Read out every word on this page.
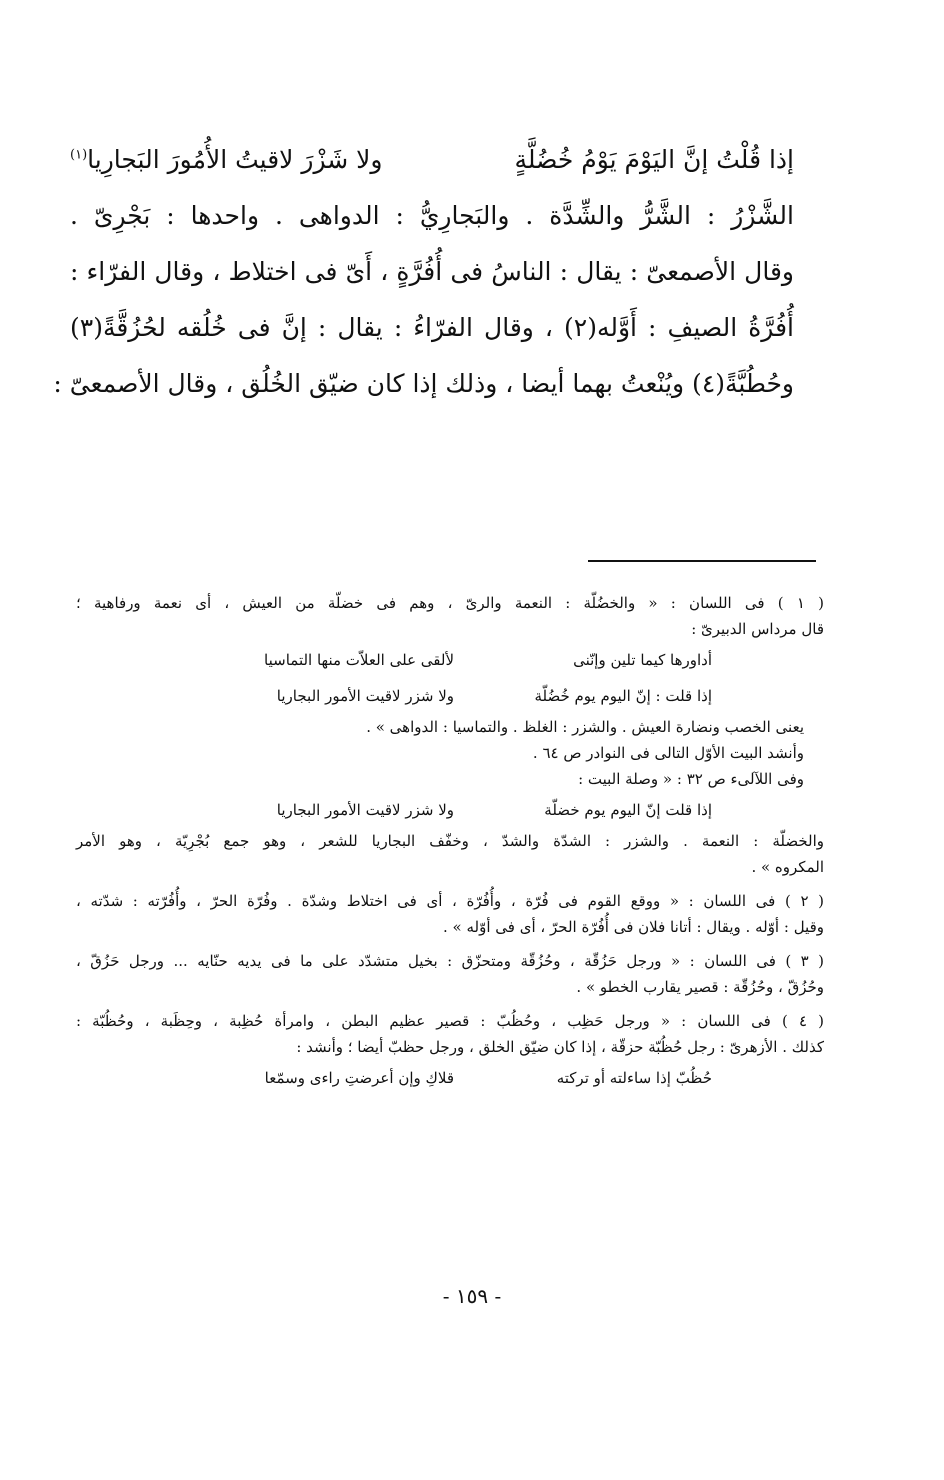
إذا قُلْتُ إنَّ اليَوْمَ يَوْمُ خُضُلَّةٍ
ولا شَزْرَ لاقيتُ الأُمُورَ البَجارِيا$^{(١)}$
الشَّزْرُ : الشَّرُّ والشِّدَّة . والبَجارِيُّ : الدواهى . واحدها : بَجْرِىّ .
وقال الأصمعىّ : يقال : الناسُ فى أُفُرَّةٍ ، أَىّ فى اختلاط ، وقال الفرّاء :
أُفُرَّةُ الصيفِ : أَوَّله(٢) ، وقال الفرّاءُ : يقال : إنَّ فى خُلُقه لحُزُقَّةً(٣)
وحُطُبَّةً(٤) ويُنْعتُ بهما أيضا ، وذلك إذا كان ضيّق الخُلُق ، وقال الأصمعىّ :
( ١ ) فى اللسان : « والخضُلّة : النعمة والرىّ ، وهم فى خضلّة من العيش ، أى نعمة ورفاهية ؛
قال مرداس الدبيرىّ :
أداورها كيما تلين وإنّنى
لألقى على العلاّت منها التماسيا
إذا قلت : إنّ اليوم يوم خُضُلّة
ولا شزر لاقيت الأمور البجاريا
يعنى الخصب ونضارة العيش . والشزر : الغلظ . والتماسيا : الدواهى » .
وأنشد البيت الأوّل التالى فى النوادر ص ٦٤ .
وفى اللآلىء ص ٣٢ : « وصلة البيت :
إذا قلت إنّ اليوم يوم خضلّة
ولا شزر لاقيت الأمور البجاريا
والخضلّة : النعمة . والشزر : الشدّة والشدّ ، وخفّف البجاريا للشعر ، وهو جمع بُجْرِيّة ، وهو الأمر
المكروه » .
( ٢ ) فى اللسان : « ووقع القوم فى فُرّة ، وأُفُرّة ، أى فى اختلاط وشدّة . وفُرّة الحرّ ، وأُفُرّته : شدّته ،
وقيل : أوّله . ويقال : أتانا فلان فى أُفُرّة الحرّ ، أى فى أوّله » .
( ٣ ) فى اللسان : « ورجل حَزُقّة ، وحُزُقّة ومتحزّق : بخيل متشدّد على ما فى يديه حنّايه ... ورجل حَزُقّ ،
وحُزُقّ ، وحُزُقّة : قصير يقارب الخطو » .
( ٤ ) فى اللسان : « ورجل حَظِب ، وحُظُبّ : قصير عظيم البطن ، وامرأة حُظِبة ، وحِظَبة ، وحُظُبّة :
كذلك . الأزهرىّ : رجل حُظُبّة حزقّة ، إذا كان ضيّق الخلق ، ورجل حظبّ أيضا ؛ وأنشد :
حُظُبّ إذا ساءلته أو تركته
قلاكِ وإن أعرضتِ راءى وسمّعا
- ١٥٩ -
